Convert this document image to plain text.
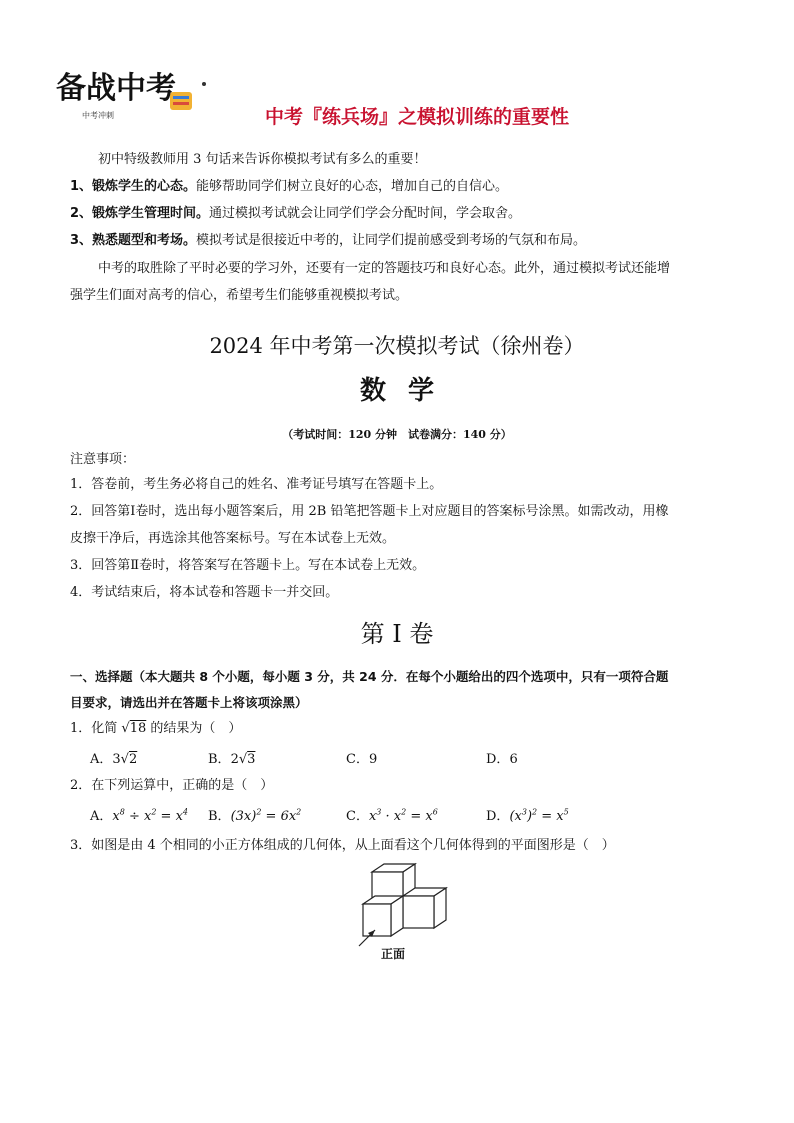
备战中考
中考冲刺	中考『练兵场』之模拟训练的重要性
初中特级教师用 3 句话来告诉你模拟考试有多么的重要！
1、锻炼学生的心态。能够帮助同学们树立良好的心态，增加自己的自信心。
2、锻炼学生管理时间。通过模拟考试就会让同学们学会分配时间，学会取舍。
3、熟悉题型和考场。模拟考试是很接近中考的，让同学们提前感受到考场的气氛和布局。
中考的取胜除了平时必要的学习外，还要有一定的答题技巧和良好心态。此外，通过模拟考试还能增
强学生们面对高考的信心，希望考生们能够重视模拟考试。
2024 年中考第一次模拟考试（徐州卷）
数学
（考试时间：120 分钟　试卷满分：140 分）
注意事项：
1．答卷前，考生务必将自己的姓名、准考证号填写在答题卡上。
2．回答第Ⅰ卷时，选出每小题答案后，用 2B 铅笔把答题卡上对应题目的答案标号涂黑。如需改动，用橡
皮擦干净后，再选涂其他答案标号。写在本试卷上无效。
3．回答第Ⅱ卷时，将答案写在答题卡上。写在本试卷上无效。
4．考试结束后，将本试卷和答题卡一并交回。
第 I 卷
一、选择题（本大题共 8 个小题，每小题 3 分，共 24 分．在每个小题给出的四个选项中，只有一项符合题
目要求，请选出并在答题卡上将该项涂黑）
1．化简 √18 的结果为（　）
A．3√2	B．2√3	C．9	D．6
2．在下列运算中，正确的是（　）
A．$x^8 \div x^2 = x^4$ B．$(3x)^2 = 6x^2$	C．$x^3 \cdot x^2 = x^6$	D．$(x^3)^2 = x^5$
3．如图是由 4 个相同的小正方体组成的几何体，从上面看这个几何体得到的平面图形是（　）
正面
